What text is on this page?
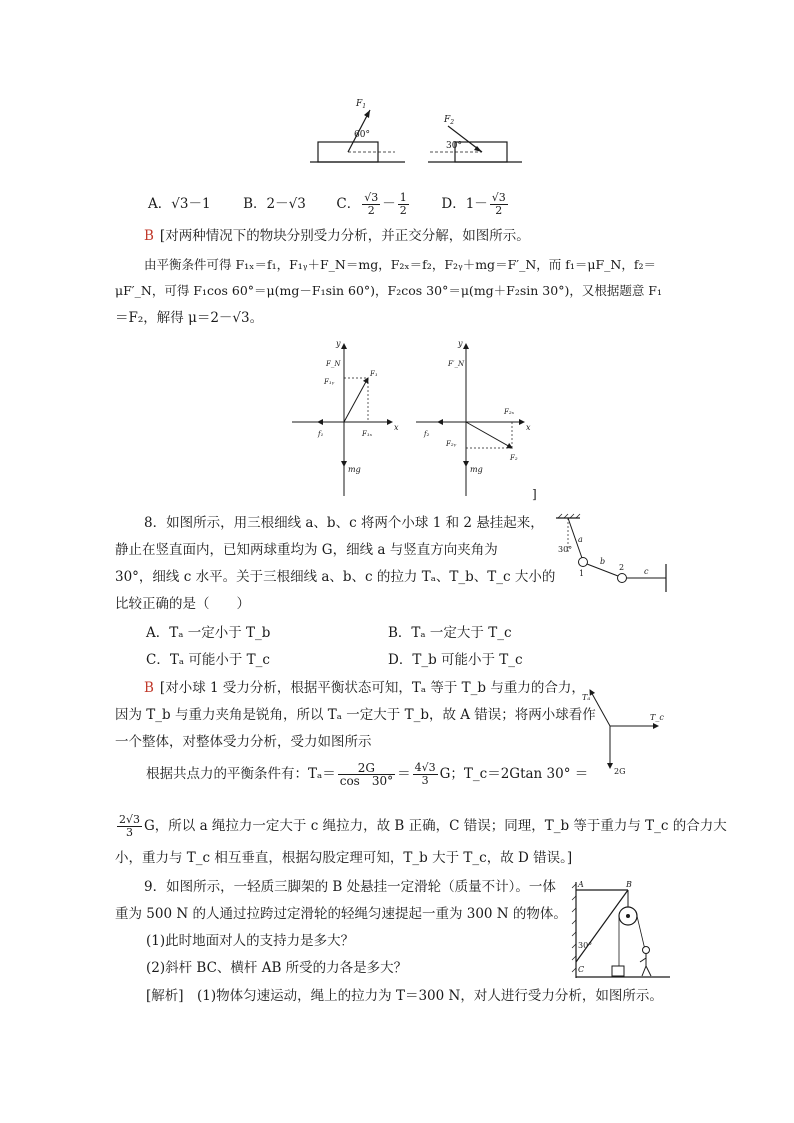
$F_1$
60°
$F_2$
30°
A．√3－1 B．2－√3 C． $\frac{√3}{2} - \frac{1}{2}$ D．$1- \frac{√3}{2}$
B [对两种情况下的物块分别受力分析，并正交分解，如图所示。
由平衡条件可得 F₁ₓ＝f₁，F₁ᵧ＋F_N＝mg，F₂ₓ＝f₂，F₂ᵧ＋mg＝F′_N，而 f₁＝μF_N，f₂＝
μF′_N，可得 F₁cos 60°＝μ(mg－F₁sin 60°)，F₂cos 30°＝μ(mg＋F₂sin 30°)，又根据题意 F₁
＝F₂，解得 μ＝2－√3。
y
F_N
F₁ᵧ
F₁
x
f₁	F₁ₓ
mg
y
F′_N
F₂ₓ
x
f₂
F₂ᵧ
F₂
mg
]
8．如图所示，用三根细线 a、b、c 将两个小球 1 和 2 悬挂起来，
静止在竖直面内，已知两球重均为 G，细线 a 与竖直方向夹角为
30°，细线 c 水平。关于三根细线 a、b、c 的拉力 Tₐ、T_b、T_c 大小的
比较正确的是（　　）
A．Tₐ 一定小于 T_b	B．Tₐ 一定大于 T_c
C．Tₐ 可能小于 T_c	D．T_b 可能小于 T_c
a
30°
1
b
2 c
B [对小球 1 受力分析，根据平衡状态可知，Tₐ 等于 T_b 与重力的合力，
因为 T_b 与重力夹角是锐角，所以 Tₐ 一定大于 T_b，故 A 错误；将两小球看作
一个整体，对整体受力分析，受力如图所示
根据共点力的平衡条件有：$T_a= \frac{2G}{\cos 30^\circ} = \frac{4√3}{3}$ G；T_c＝2Gtan 30° ＝
$\frac{2√3}{3}$ G，所以 a 绳拉力一定大于 c 绳拉力，故 B 正确，C 错误；同理，T_b 等于重力与 T_c 的合力大
小，重力与 T_c 相互垂直，根据勾股定理可知，T_b 大于 T_c，故 D 错误。]
Tₐ
T_c
2G
9．如图所示，一轻质三脚架的 B 处悬挂一定滑轮（质量不计）。一体
重为 500 N 的人通过拉跨过定滑轮的轻绳匀速提起一重为 300 N 的物体。
(1)此时地面对人的支持力是多大？
(2)斜杆 BC、横杆 AB 所受的力各是多大？
[解析]　(1)物体匀速运动，绳上的拉力为 T＝300 N，对人进行受力分析，如图所示。
A	B
30°
C
